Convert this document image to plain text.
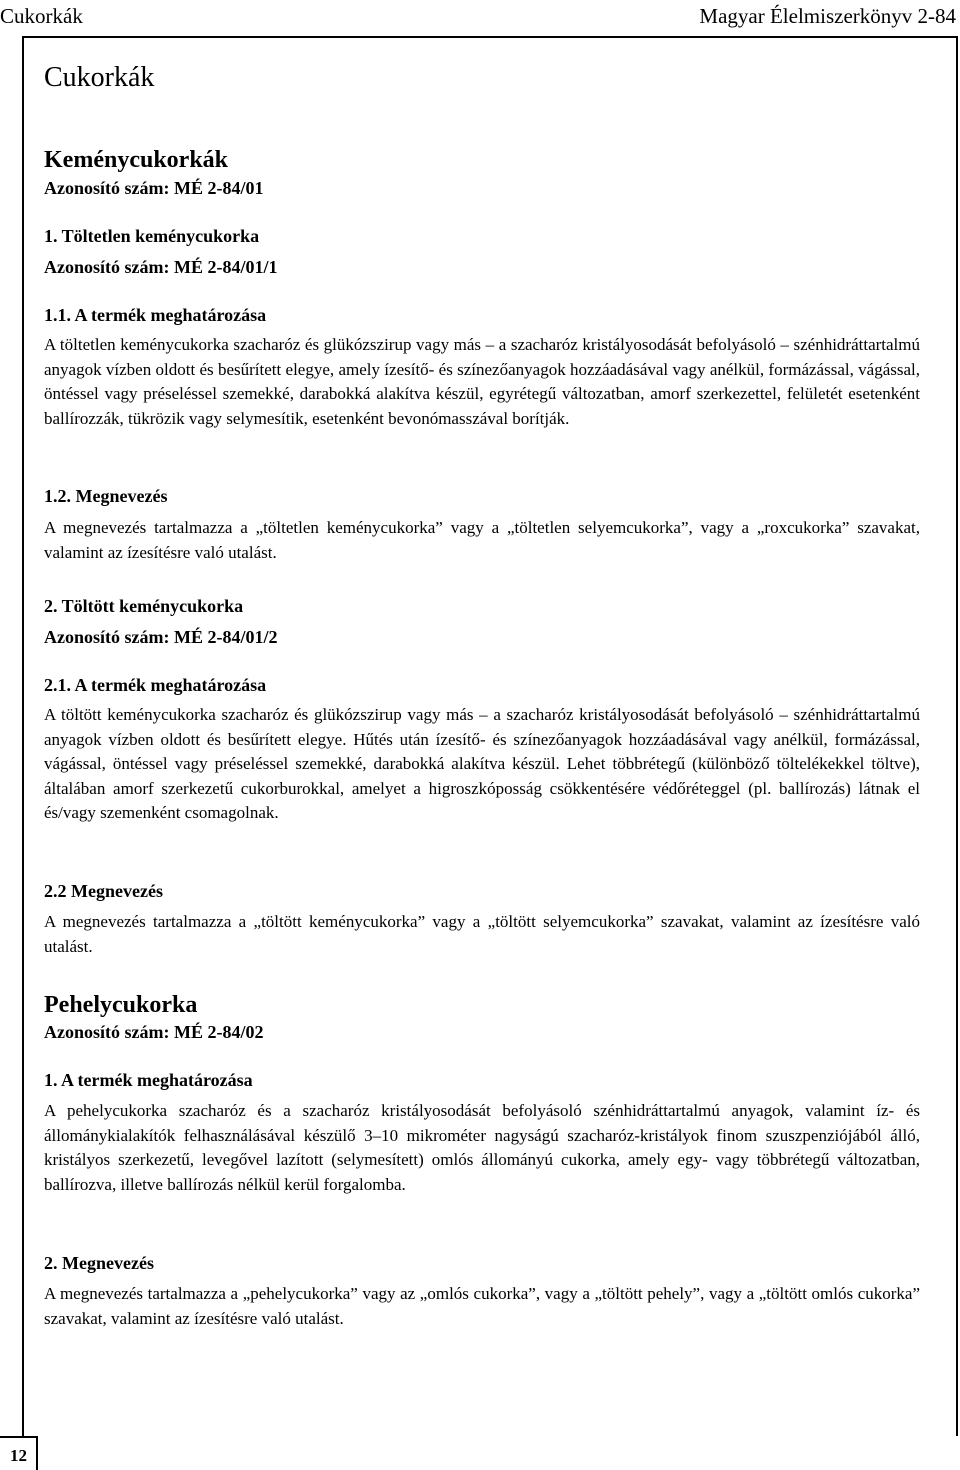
Cukorkák	Magyar Élelmiszerkönyv 2-84
12
Cukorkák
Keménycukorkák
Azonosító szám: MÉ 2-84/01
1. Töltetlen keménycukorka
Azonosító szám: MÉ 2-84/01/1
1.1. A termék meghatározása
A töltetlen keménycukorka szacharóz és glükózszirup vagy más – a szacharóz kristályosodását befolyásoló – szénhidráttartalmú anyagok vízben oldott és besűrített elegye, amely ízesítő- és színezőanyagok hozzáadásával vagy anélkül, formázással, vágással, öntéssel vagy préseléssel szemekké, darabokká alakítva készül, egyrétegű változatban, amorf szerkezettel, felületét esetenként ballírozzák, tükrözik vagy selymesítik, esetenként bevonómasszával borítják.
1.2. Megnevezés
A megnevezés tartalmazza a „töltetlen keménycukorka” vagy a „töltetlen selyemcukorka”, vagy a „roxcukorka” szavakat, valamint az ízesítésre való utalást.
2. Töltött keménycukorka
Azonosító szám: MÉ 2-84/01/2
2.1. A termék meghatározása
A töltött keménycukorka szacharóz és glükózszirup vagy más – a szacharóz kristályosodását befolyásoló – szénhidráttartalmú anyagok vízben oldott és besűrített elegye. Hűtés után ízesítő- és színezőanyagok hozzáadásával vagy anélkül, formázással, vágással, öntéssel vagy préseléssel szemekké, darabokká alakítva készül. Lehet többrétegű (különböző töltelékekkel töltve), általában amorf szerkezetű cukorburokkal, amelyet a higroszkóposság csökkentésére védőréteggel (pl. ballírozás) látnak el és/vagy szemenként csomagolnak.
2.2 Megnevezés
A megnevezés tartalmazza a „töltött keménycukorka” vagy a „töltött selyemcukorka” szavakat, valamint az ízesítésre való utalást.
Pehelycukorka
Azonosító szám: MÉ 2-84/02
1. A termék meghatározása
A pehelycukorka szacharóz és a szacharóz kristályosodását befolyásoló szénhidráttartalmú anyagok, valamint íz- és állománykialakítók felhasználásával készülő 3–10 mikrométer nagyságú szacharóz-kristályok finom szuszpenziójából álló, kristályos szerkezetű, levegővel lazított (selymesített) omlós állományú cukorka, amely egy- vagy többrétegű változatban, ballírozva, illetve ballírozás nélkül kerül forgalomba.
2. Megnevezés
A megnevezés tartalmazza a „pehelycukorka” vagy az „omlós cukorka”, vagy a „töltött pehely”, vagy a „töltött omlós cukorka” szavakat, valamint az ízesítésre való utalást.
